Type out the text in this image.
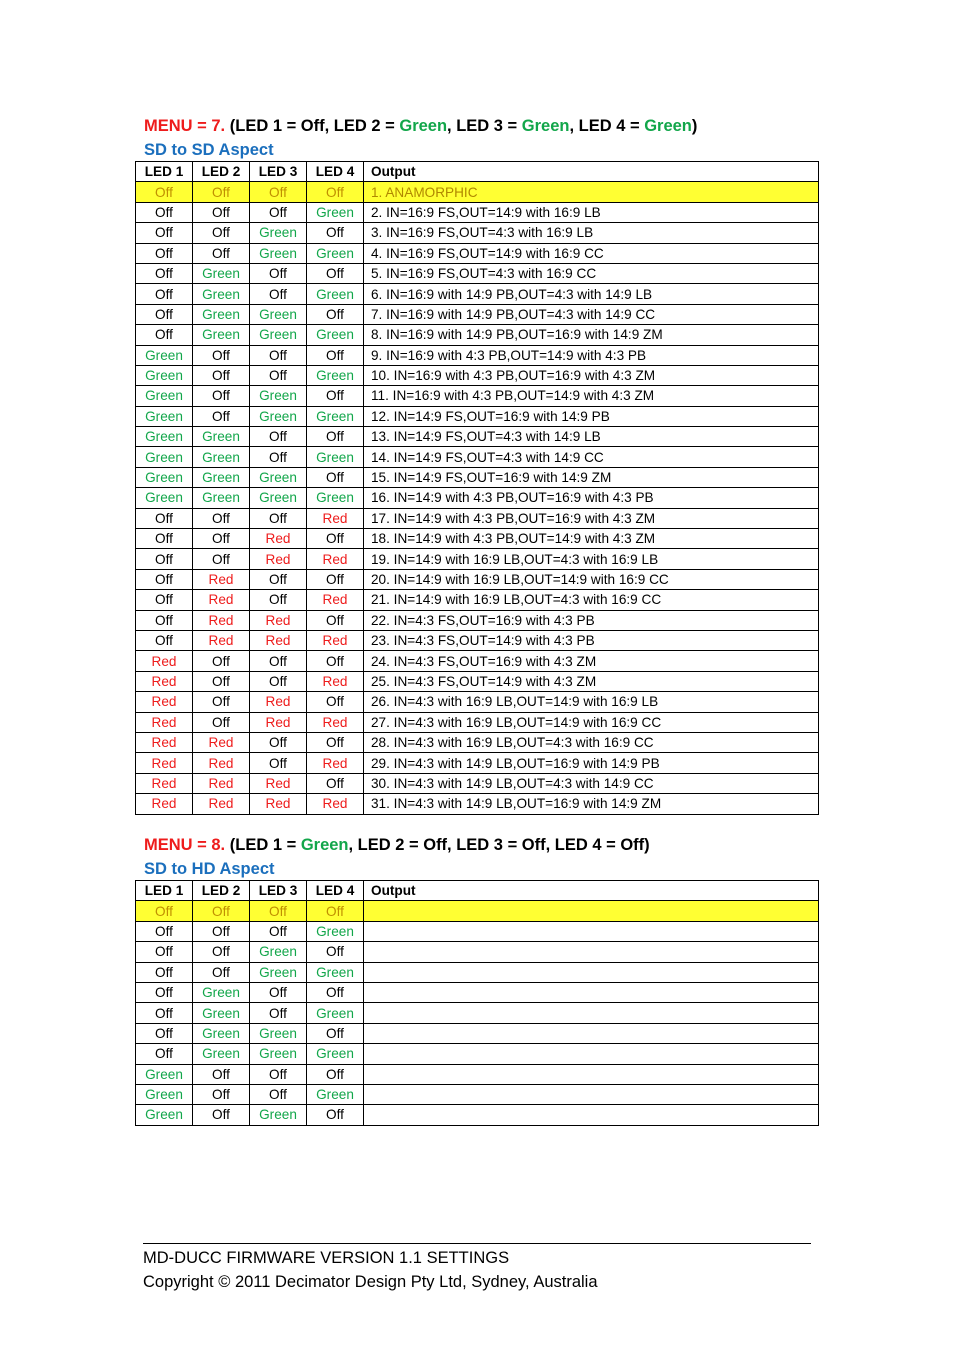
MENU = 7. (LED 1 = Off, LED 2 = Green, LED 3 = Green, LED 4 = Green)
SD to SD Aspect
LED 1	LED 2	LED 3	LED 4	Output
Off	Off	Off	Off	1. ANAMORPHIC
Off	Off	Off	Green	2. IN=16:9 FS,OUT=14:9 with 16:9 LB
Off	Off	Green	Off	3. IN=16:9 FS,OUT=4:3 with 16:9 LB
Off	Off	Green	Green	4. IN=16:9 FS,OUT=14:9 with 16:9 CC
Off	Green	Off	Off	5. IN=16:9 FS,OUT=4:3 with 16:9 CC
Off	Green	Off	Green	6. IN=16:9 with 14:9 PB,OUT=4:3 with 14:9 LB
Off	Green	Green	Off	7. IN=16:9 with 14:9 PB,OUT=4:3 with 14:9 CC
Off	Green	Green	Green	8. IN=16:9 with 14:9 PB,OUT=16:9 with 14:9 ZM
Green	Off	Off	Off	9. IN=16:9 with 4:3 PB,OUT=14:9 with 4:3 PB
Green	Off	Off	Green	10. IN=16:9 with 4:3 PB,OUT=16:9 with 4:3 ZM
Green	Off	Green	Off	11. IN=16:9 with 4:3 PB,OUT=14:9 with 4:3 ZM
Green	Off	Green	Green	12. IN=14:9 FS,OUT=16:9 with 14:9 PB
Green	Green	Off	Off	13. IN=14:9 FS,OUT=4:3 with 14:9 LB
Green	Green	Off	Green	14. IN=14:9 FS,OUT=4:3 with 14:9 CC
Green	Green	Green	Off	15. IN=14:9 FS,OUT=16:9 with 14:9 ZM
Green	Green	Green	Green	16. IN=14:9 with 4:3 PB,OUT=16:9 with 4:3 PB
Off	Off	Off	Red	17. IN=14:9 with 4:3 PB,OUT=16:9 with 4:3 ZM
Off	Off	Red	Off	18. IN=14:9 with 4:3 PB,OUT=14:9 with 4:3 ZM
Off	Off	Red	Red	19. IN=14:9 with 16:9 LB,OUT=4:3 with 16:9 LB
Off	Red	Off	Off	20. IN=14:9 with 16:9 LB,OUT=14:9 with 16:9 CC
Off	Red	Off	Red	21. IN=14:9 with 16:9 LB,OUT=4:3 with 16:9 CC
Off	Red	Red	Off	22. IN=4:3 FS,OUT=16:9 with 4:3 PB
Off	Red	Red	Red	23. IN=4:3 FS,OUT=14:9 with 4:3 PB
Red	Off	Off	Off	24. IN=4:3 FS,OUT=16:9 with 4:3 ZM
Red	Off	Off	Red	25. IN=4:3 FS,OUT=14:9 with 4:3 ZM
Red	Off	Red	Off	26. IN=4:3 with 16:9 LB,OUT=14:9 with 16:9 LB
Red	Off	Red	Red	27. IN=4:3 with 16:9 LB,OUT=14:9 with 16:9 CC
Red	Red	Off	Off	28. IN=4:3 with 16:9 LB,OUT=4:3 with 16:9 CC
Red	Red	Off	Red	29. IN=4:3 with 14:9 LB,OUT=16:9 with 14:9 PB
Red	Red	Red	Off	30. IN=4:3 with 14:9 LB,OUT=4:3 with 14:9 CC
Red	Red	Red	Red	31. IN=4:3 with 14:9 LB,OUT=16:9 with 14:9 ZM
MENU = 8. (LED 1 = Green, LED 2 = Off, LED 3 = Off, LED 4 = Off)
SD to HD Aspect
LED 1	LED 2	LED 3	LED 4	Output
Off	Off	Off	Off	
Off	Off	Off	Green	
Off	Off	Green	Off	
Off	Off	Green	Green	
Off	Green	Off	Off	
Off	Green	Off	Green	
Off	Green	Green	Off	
Off	Green	Green	Green	
Green	Off	Off	Off	
Green	Off	Off	Green	
Green	Off	Green	Off	
MD-DUCC FIRMWARE VERSION 1.1 SETTINGS
Copyright © 2011 Decimator Design Pty Ltd, Sydney, Australia
